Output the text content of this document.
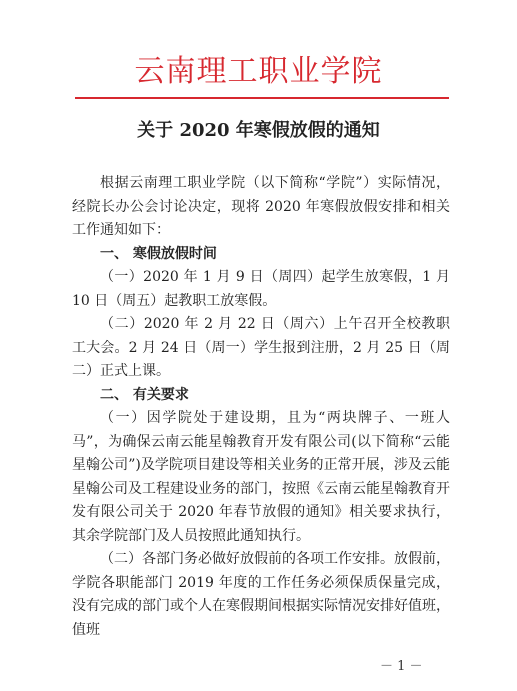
云南理工职业学院
关于 2020 年寒假放假的通知

根据云南理工职业学院（以下简称“学院”）实际情况，经院长办公会讨论决定，现将 2020 年寒假放假安排和相关工作通知如下：

一、 寒假放假时间

（一）2020 年 1 月 9 日（周四）起学生放寒假，1 月 10 日（周五）起教职工放寒假。

（二）2020 年 2 月 22 日（周六）上午召开全校教职工大会。2 月 24 日（周一）学生报到注册，2 月 25 日（周二）正式上课。

二、 有关要求

（一）因学院处于建设期，且为“两块牌子、一班人马”，为确保云南云能星翰教育开发有限公司(以下简称“云能星翰公司”)及学院项目建设等相关业务的正常开展，涉及云能星翰公司及工程建设业务的部门，按照《云南云能星翰教育开发有限公司关于 2020 年春节放假的通知》相关要求执行，其余学院部门及人员按照此通知执行。

（二）各部门务必做好放假前的各项工作安排。放假前，学院各职能部门 2019 年度的工作任务必须保质保量完成，没有完成的部门或个人在寒假期间根据实际情况安排好值班，值班

－ 1 －
